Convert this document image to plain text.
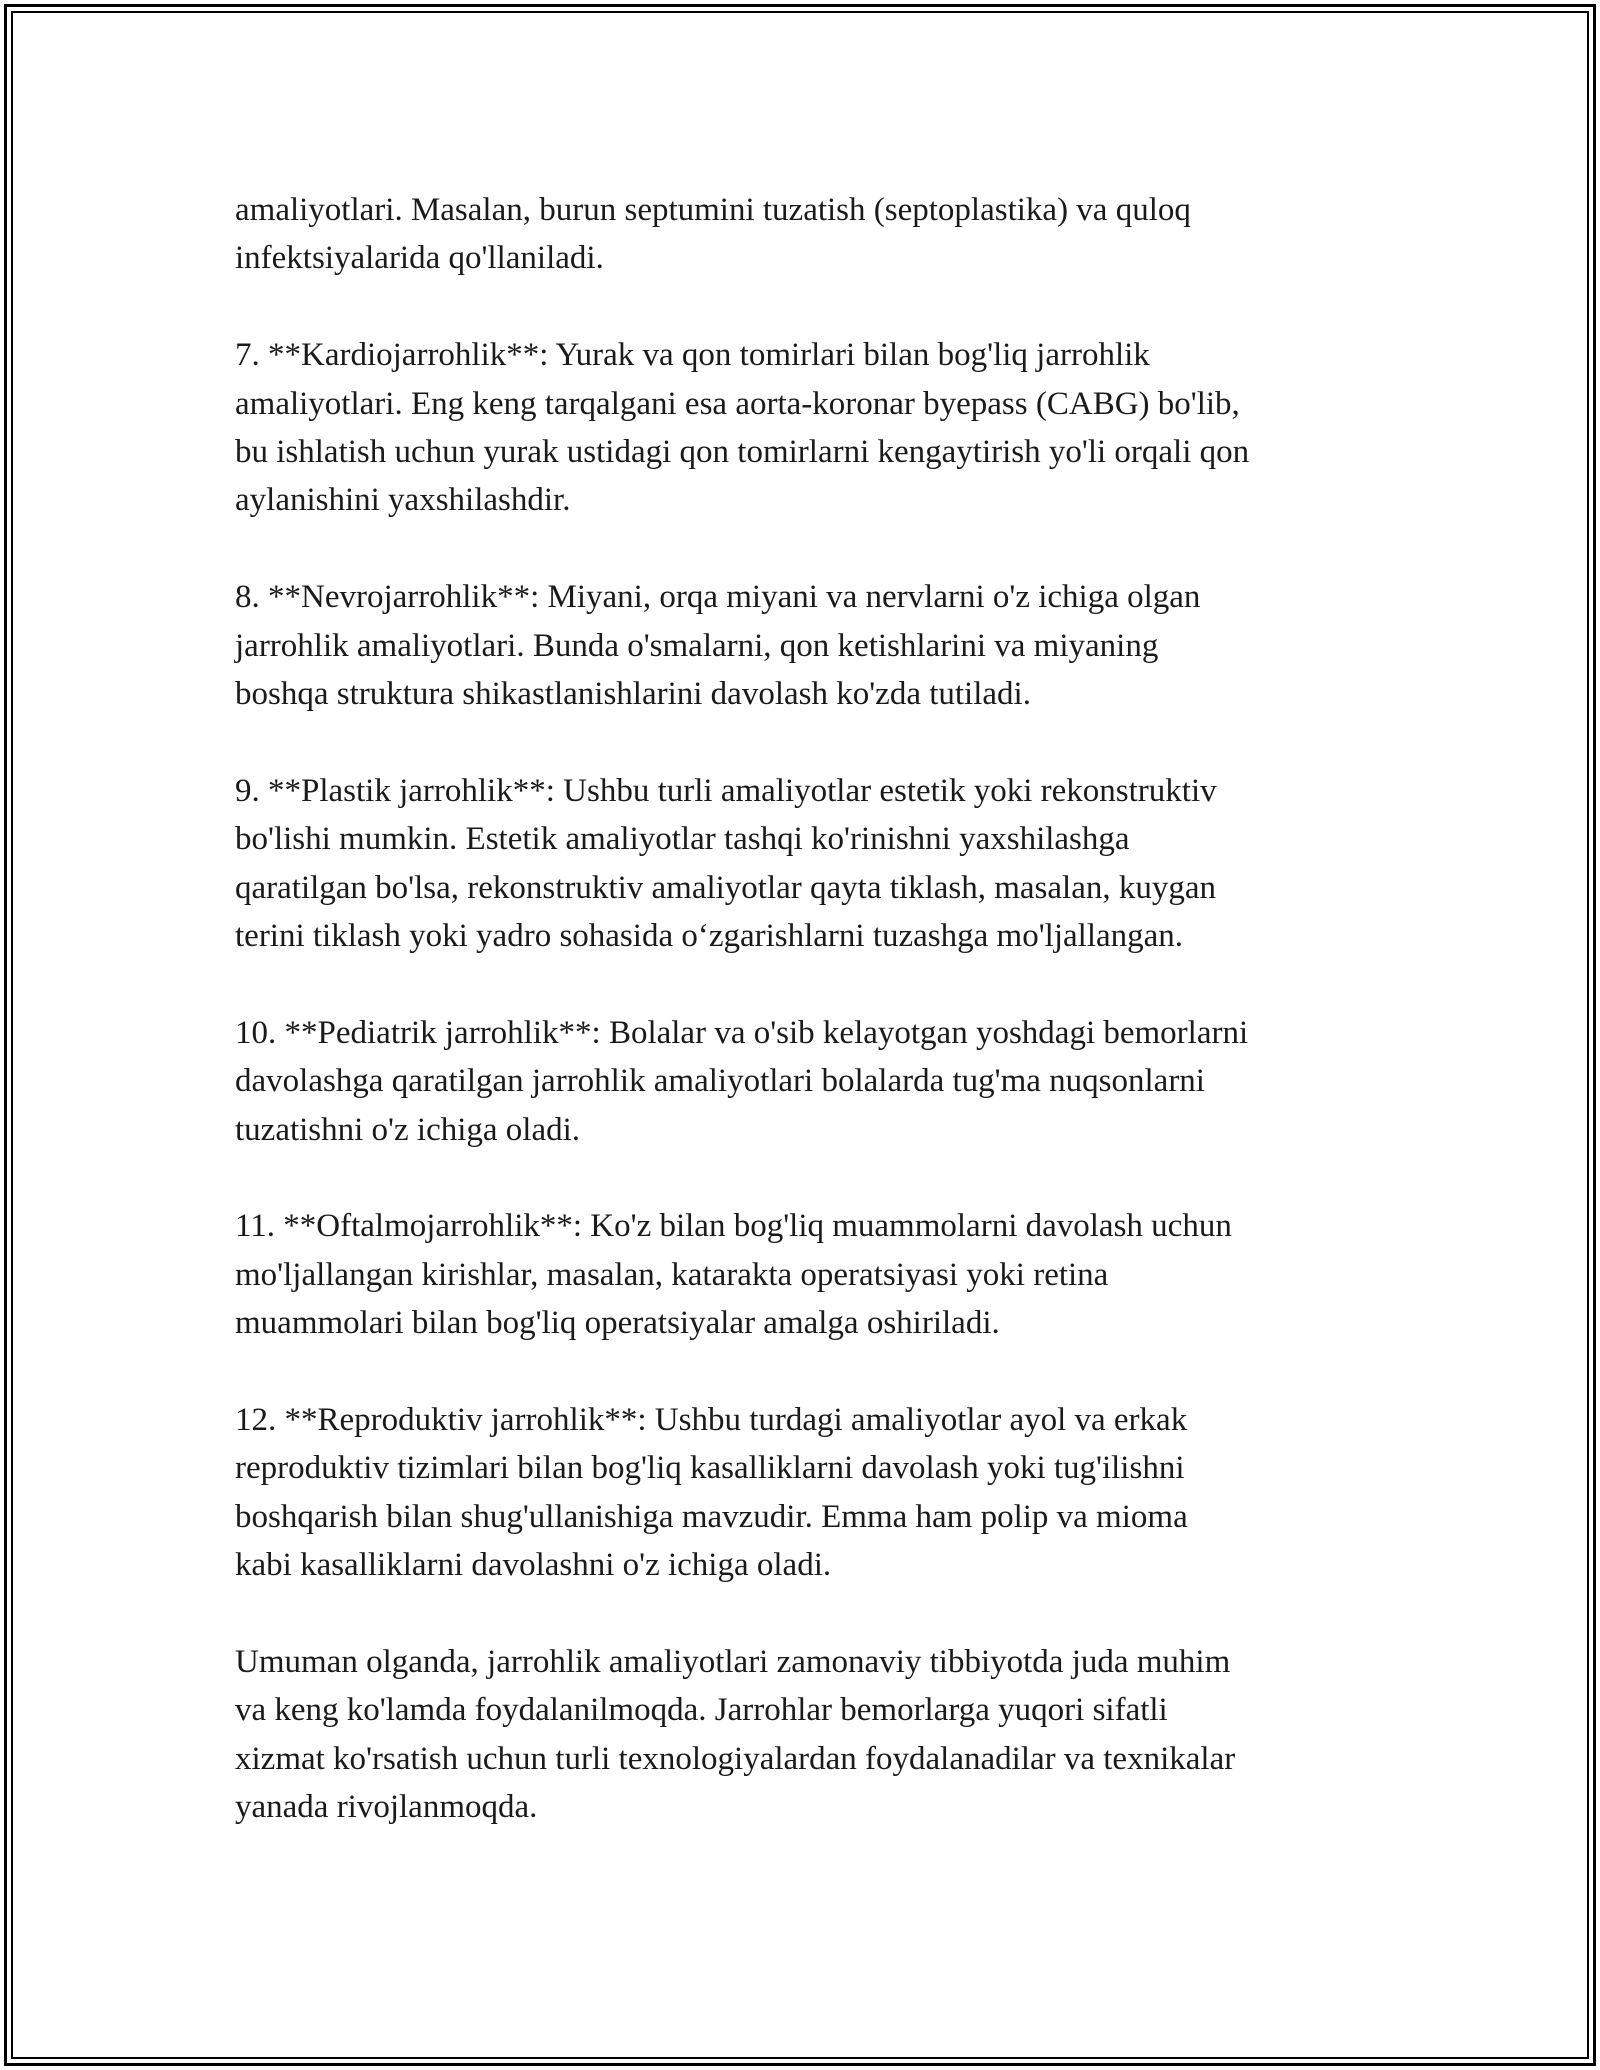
amaliyotlari. Masalan, burun septumini tuzatish (septoplastika) va quloq
infektsiyalarida qo'llaniladi.

7. **Kardiojarrohlik**: Yurak va qon tomirlari bilan bog'liq jarrohlik
amaliyotlari. Eng keng tarqalgani esa aorta-koronar byepass (CABG) bo'lib,
bu ishlatish uchun yurak ustidagi qon tomirlarni kengaytirish yo'li orqali qon
aylanishini yaxshilashdir.

8. **Nevrojarrohlik**: Miyani, orqa miyani va nervlarni o'z ichiga olgan
jarrohlik amaliyotlari. Bunda o'smalarni, qon ketishlarini va miyaning
boshqa struktura shikastlanishlarini davolash ko'zda tutiladi.

9. **Plastik jarrohlik**: Ushbu turli amaliyotlar estetik yoki rekonstruktiv
bo'lishi mumkin. Estetik amaliyotlar tashqi ko'rinishni yaxshilashga
qaratilgan bo'lsa, rekonstruktiv amaliyotlar qayta tiklash, masalan, kuygan
terini tiklash yoki yadro sohasida o‘zgarishlarni tuzashga mo'ljallangan.

10. **Pediatrik jarrohlik**: Bolalar va o'sib kelayotgan yoshdagi bemorlarni
davolashga qaratilgan jarrohlik amaliyotlari bolalarda tug'ma nuqsonlarni
tuzatishni o'z ichiga oladi.

11. **Oftalmojarrohlik**: Ko'z bilan bog'liq muammolarni davolash uchun
mo'ljallangan kirishlar, masalan, katarakta operatsiyasi yoki retina
muammolari bilan bog'liq operatsiyalar amalga oshiriladi.

12. **Reproduktiv jarrohlik**: Ushbu turdagi amaliyotlar ayol va erkak
reproduktiv tizimlari bilan bog'liq kasalliklarni davolash yoki tug'ilishni
boshqarish bilan shug'ullanishiga mavzudir. Emma ham polip va mioma
kabi kasalliklarni davolashni o'z ichiga oladi.

Umuman olganda, jarrohlik amaliyotlari zamonaviy tibbiyotda juda muhim
va keng ko'lamda foydalanilmoqda. Jarrohlar bemorlarga yuqori sifatli
xizmat ko'rsatish uchun turli texnologiyalardan foydalanadilar va texnikalar
yanada rivojlanmoqda.
